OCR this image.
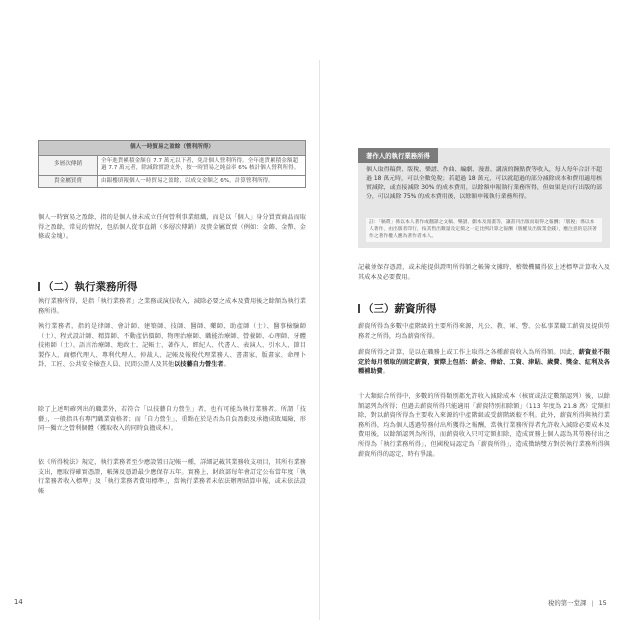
個人一時貿易之盈餘（營利所得）	
多層次傳銷	全年進貨累積金額在 7.7 萬元以下者，免計個人營利所得。全年進貨累積金額超過 7.7 萬元者，除減除實證支外，按一時貿易之純益率 6% 核計個人營利所得。
貴金屬買賣	由銀樓填報個人一時貿易之盈餘，以成交金額之 6%，計算營利所得。
個人一時貿易之盈餘，指的是個人並未成立任何營利事業組織，而是以「個人」身分買賣商品而取得之盈餘，常見的情況，包括個人從事直銷（多層次傳銷）及貴金屬買賣（例如：金飾、金幣、金條或金塊）。
（二）執行業務所得
執行業務所得，是指「執行業務者」之業務或演技收入，減除必要之成本及費用後之餘額為執行業務所得。
執行業務者，指的是律師、會計師、建築師、技師、醫師、藥師、助產師（士）、醫事檢驗師（士）、程式設計師、精算師、不動產估價師、物理治療師、職能治療師、營養師、心理師、牙體技術師（士）、語言治療師、地政士、記帳士、著作人、經紀人、代書人、表演人、引水人、節目製作人、商標代理人、專利代理人、仲裁人、記帳及報稅代理業務人、書畫家、版畫家、命理卜卦、工匠、公共安全檢查人員、民間公證人及其他以技藝自力營生者。
除了上述明確列出的職業外，若符合「以技藝自力營生」者，也有可能為執行業務者。所謂「技藝」，一般指具有專門職業資格者；而「自力營生」，重點在於是否為自負盈虧及承擔成敗風險，形同一獨立之營利個體（獲取收入的同時負擔成本）。
依《所得稅法》規定，執行業務者至少應設置日記帳一種，詳細記載其業務收支項目，其所有業務支出，應取得確實憑證，帳簿及憑證最少應保存五年。實務上，財政部每年會訂定公布當年度「執行業務者收入標準」及「執行業務者費用標準」，當執行業務者未依法辦理結算申報，或未依法設帳
14
著作人的執行業務所得
個人取得稿費、版稅、樂譜、作曲、編劇、漫畫、講演的鐘點費等收入，每人每年合計不超過 18 萬元時，可以全數免稅；若超過 18 萬元，可以就超過的部分減除成本和費用適用核實減除，或直接減除 30% 的成本費用，以餘額申報執行業務所得，但如果是自行出版的部分，可以減除 75% 的成本費用後，以餘額申報執行業務所得。
註：「稿費」係以本人著作或翻譯之文稿、樂譜、劇本及漫畫等，讓書刊出版而取得之報酬；「版稅」係以本人著作，由出版者印行，按其售出數量及定價之一定比例計算之報酬（版權及出版業金錢），應注意的是該著作之著作權人應為著作者本人。
記載並保存憑證，或未能提供證明所得額之帳簿文據時，稽徵機關得依上述標準計算收入及其成本及必要費用。
（三）薪資所得
薪資所得為多數中產階級的主要所得來源，凡公、教、軍、警、公私事業職工薪資及提供勞務者之所得，均為薪資所得。
薪資所得之計算，是以在職務上或工作上取得之各種薪資收入為所得額。因此，薪資並不限定於每月領取的固定薪資，實際上包括：薪金、俸給、工資、津貼、歲費、獎金、紅利及各種補助費。
十大類綜合所得中，多數的所得類別都允許收入減除成本（核實或法定數額認列）後，以餘額認列為所得；但過去薪資所得只能適用「薪資特別扣除額」（113 年度為 21.8 萬）定額扣除，對以薪資所得為主要收入來源的中產階級或受薪階級較不利。此外，薪資所得與執行業務所得，均為個人透過勞務付出所獲得之報酬，當執行業務所得者允許收入減除必要成本及費用後，以餘額認列為所得，而薪資收入只可定額扣除，造成實務上個人認為其勞務付出之所得為「執行業務所得」，但國稅局認定為「薪資所得」，造成徵納雙方對於執行業務所得與薪資所得的認定，時有爭議。
稅的第一堂課 | 15
